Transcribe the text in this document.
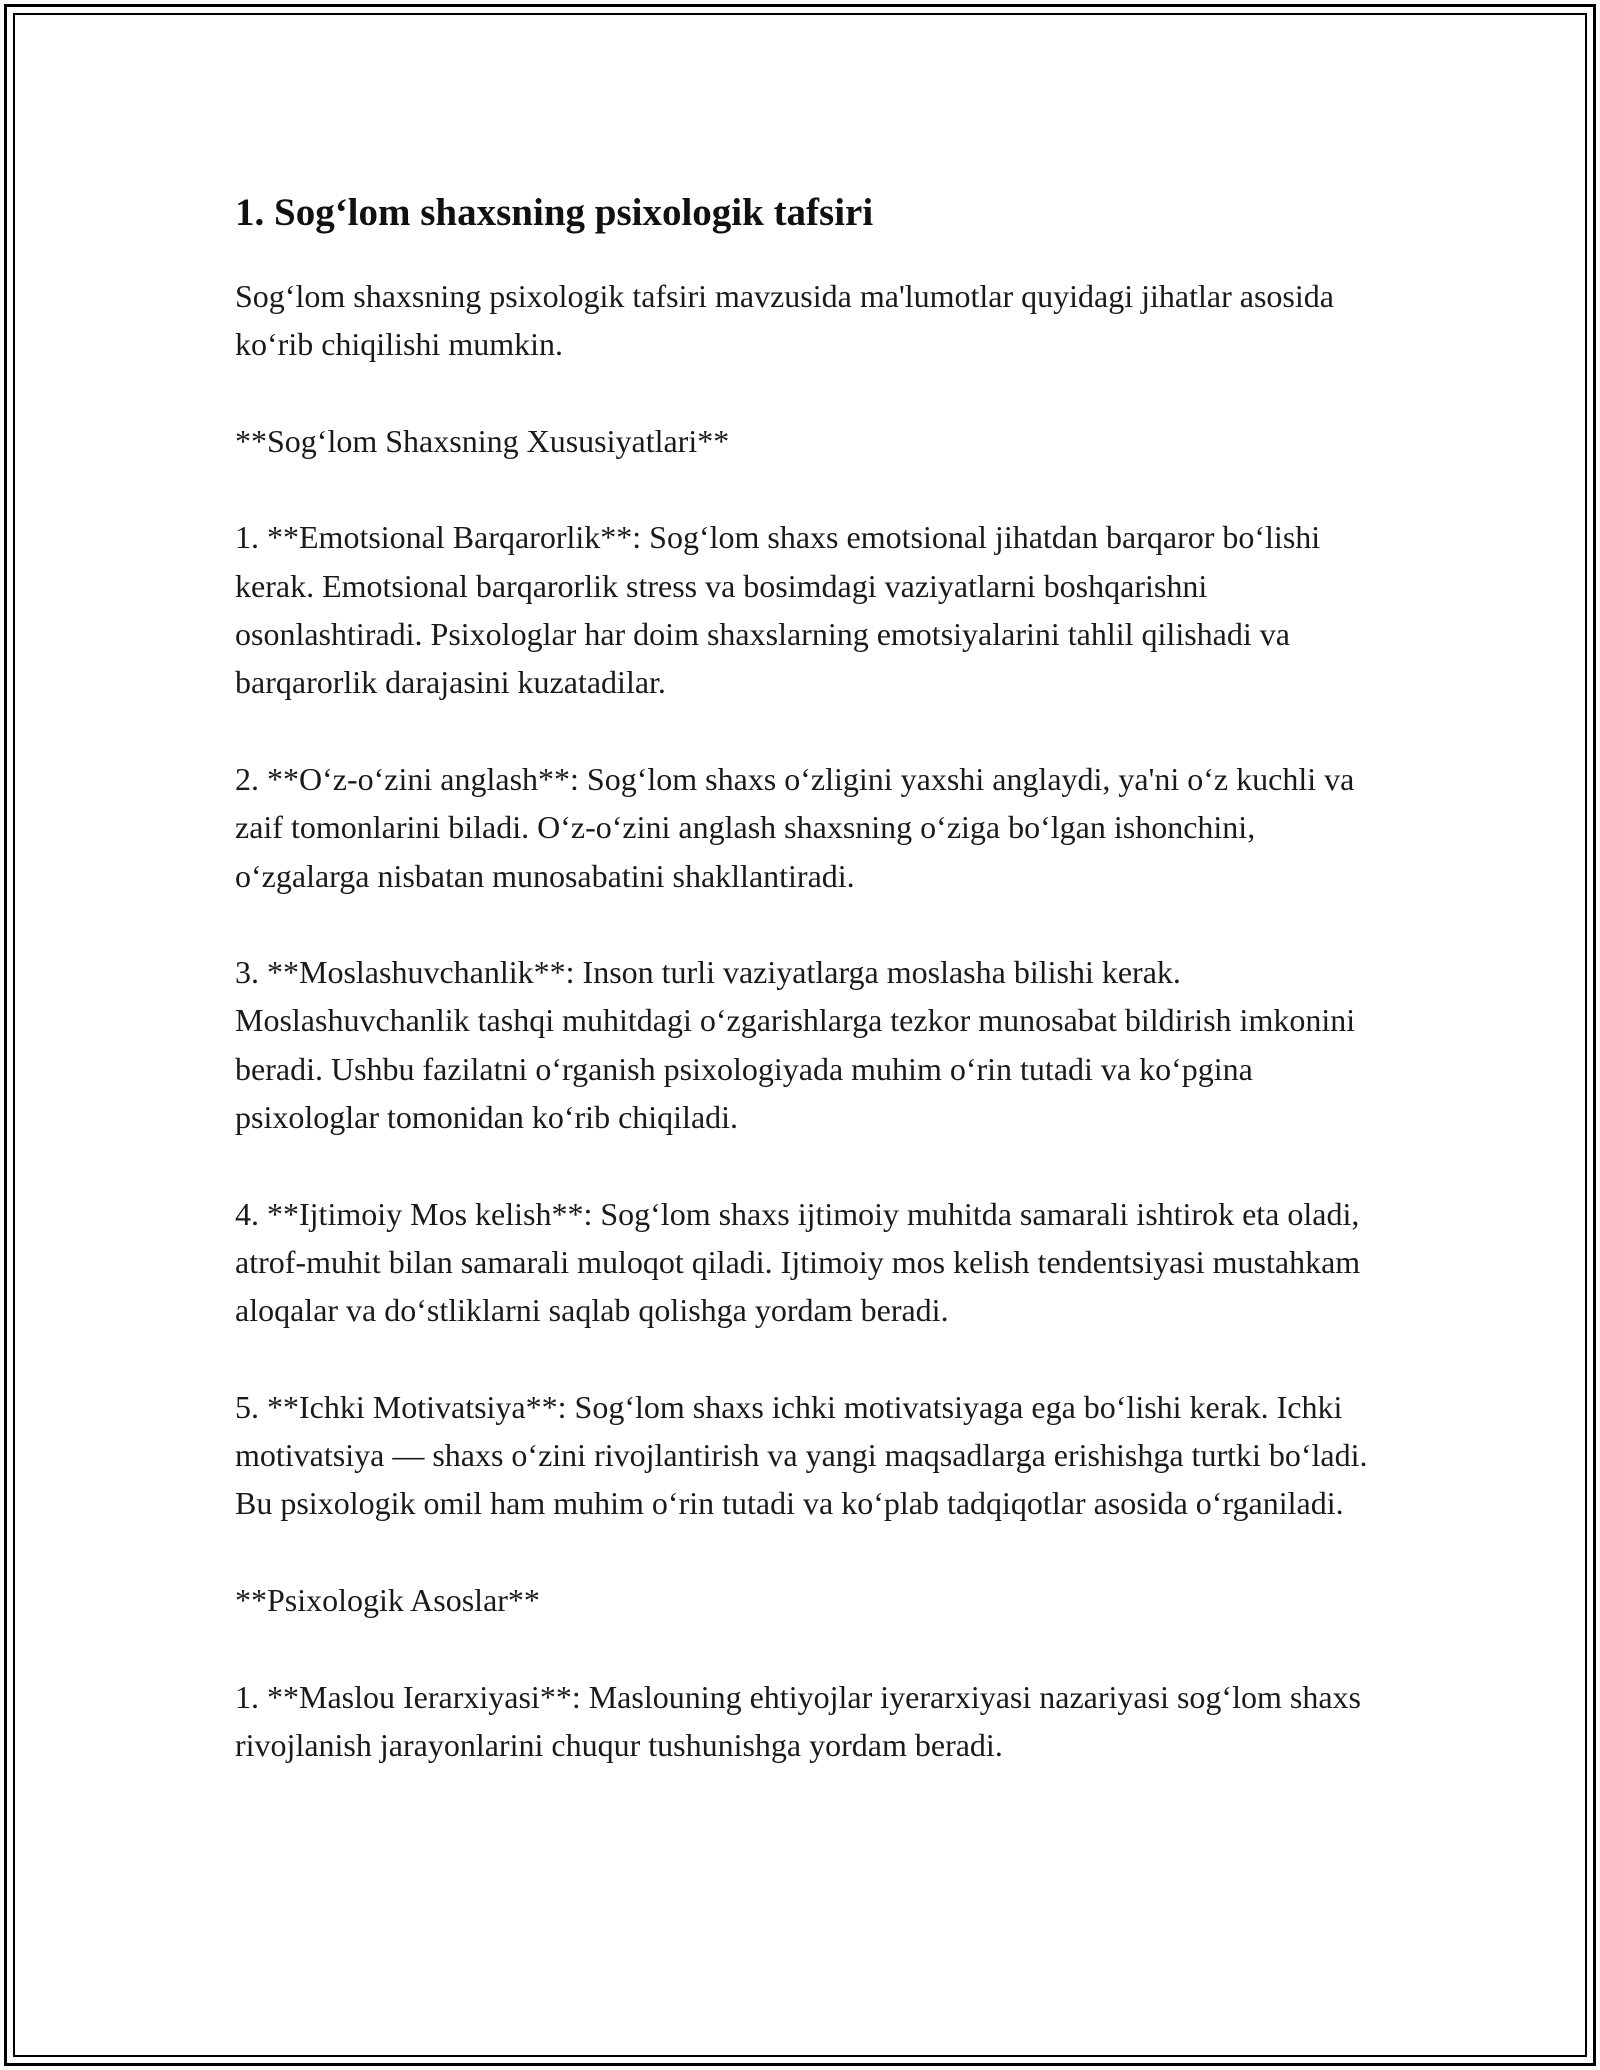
1. Sog‘lom shaxsning psixologik tafsiri

Sog‘lom shaxsning psixologik tafsiri mavzusida ma'lumotlar quyidagi jihatlar asosida ko‘rib chiqilishi mumkin.

**Sog‘lom Shaxsning Xususiyatlari**

1. **Emotsional Barqarorlik**: Sog‘lom shaxs emotsional jihatdan barqaror bo‘lishi kerak. Emotsional barqarorlik stress va bosimdagi vaziyatlarni boshqarishni osonlashtiradi. Psixologlar har doim shaxslarning emotsiyalarini tahlil qilishadi va barqarorlik darajasini kuzatadilar.

2. **O‘z-o‘zini anglash**: Sog‘lom shaxs o‘zligini yaxshi anglaydi, ya'ni o‘z kuchli va zaif tomonlarini biladi. O‘z-o‘zini anglash shaxsning o‘ziga bo‘lgan ishonchini, o‘zgalarga nisbatan munosabatini shakllantiradi.

3. **Moslashuvchanlik**: Inson turli vaziyatlarga moslasha bilishi kerak. Moslashuvchanlik tashqi muhitdagi o‘zgarishlarga tezkor munosabat bildirish imkonini beradi. Ushbu fazilatni o‘rganish psixologiyada muhim o‘rin tutadi va ko‘pgina psixologlar tomonidan ko‘rib chiqiladi.

4. **Ijtimoiy Mos kelish**: Sog‘lom shaxs ijtimoiy muhitda samarali ishtirok eta oladi, atrof-muhit bilan samarali muloqot qiladi. Ijtimoiy mos kelish tendentsiyasi mustahkam aloqalar va do‘stliklarni saqlab qolishga yordam beradi.

5. **Ichki Motivatsiya**: Sog‘lom shaxs ichki motivatsiyaga ega bo‘lishi kerak. Ichki motivatsiya — shaxs o‘zini rivojlantirish va yangi maqsadlarga erishishga turtki bo‘ladi. Bu psixologik omil ham muhim o‘rin tutadi va ko‘plab tadqiqotlar asosida o‘rganiladi.

**Psixologik Asoslar**

1. **Maslou Ierarxiyasi**: Maslouning ehtiyojlar iyerarxiyasi nazariyasi sog‘lom shaxs rivojlanish jarayonlarini chuqur tushunishga yordam beradi.
